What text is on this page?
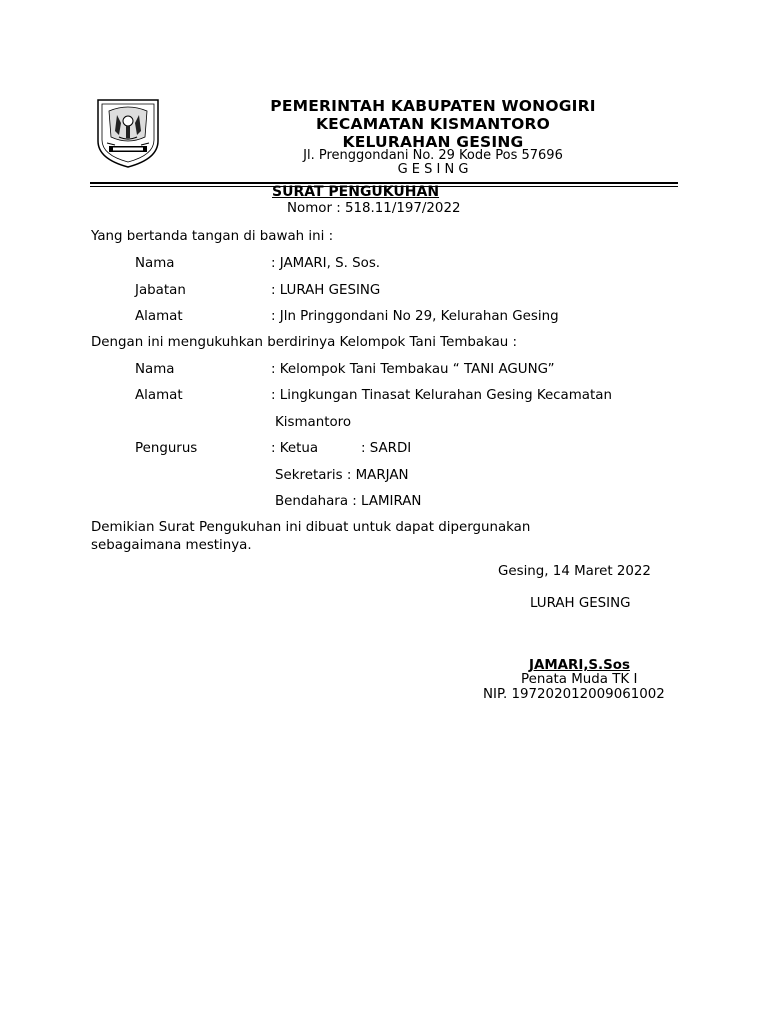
PEMERINTAH KABUPATEN WONOGIRI
KECAMATAN KISMANTORO
KELURAHAN GESING
Jl. Prenggondani No. 29 Kode Pos 57696
G E S I N G
SURAT PENGUKUHAN
Nomor : 518.11/197/2022
Yang bertanda tangan di bawah ini :
Nama	: JAMARI, S. Sos.
Jabatan	: LURAH GESING
Alamat	: Jln Pringgondani No 29, Kelurahan Gesing
Dengan ini mengukuhkan berdirinya Kelompok Tani Tembakau :
Nama	: Kelompok Tani Tembakau “ TANI AGUNG”
Alamat	: Lingkungan Tinasat Kelurahan Gesing Kecamatan
Kismantoro
Pengurus	: Ketua	: SARDI
Sekretaris : MARJAN
Bendahara : LAMIRAN
Demikian Surat Pengukuhan ini dibuat untuk dapat dipergunakan
sebagaimana mestinya.
Gesing, 14 Maret 2022
LURAH GESING
JAMARI,S.Sos
Penata Muda TK I
NIP. 197202012009061002
